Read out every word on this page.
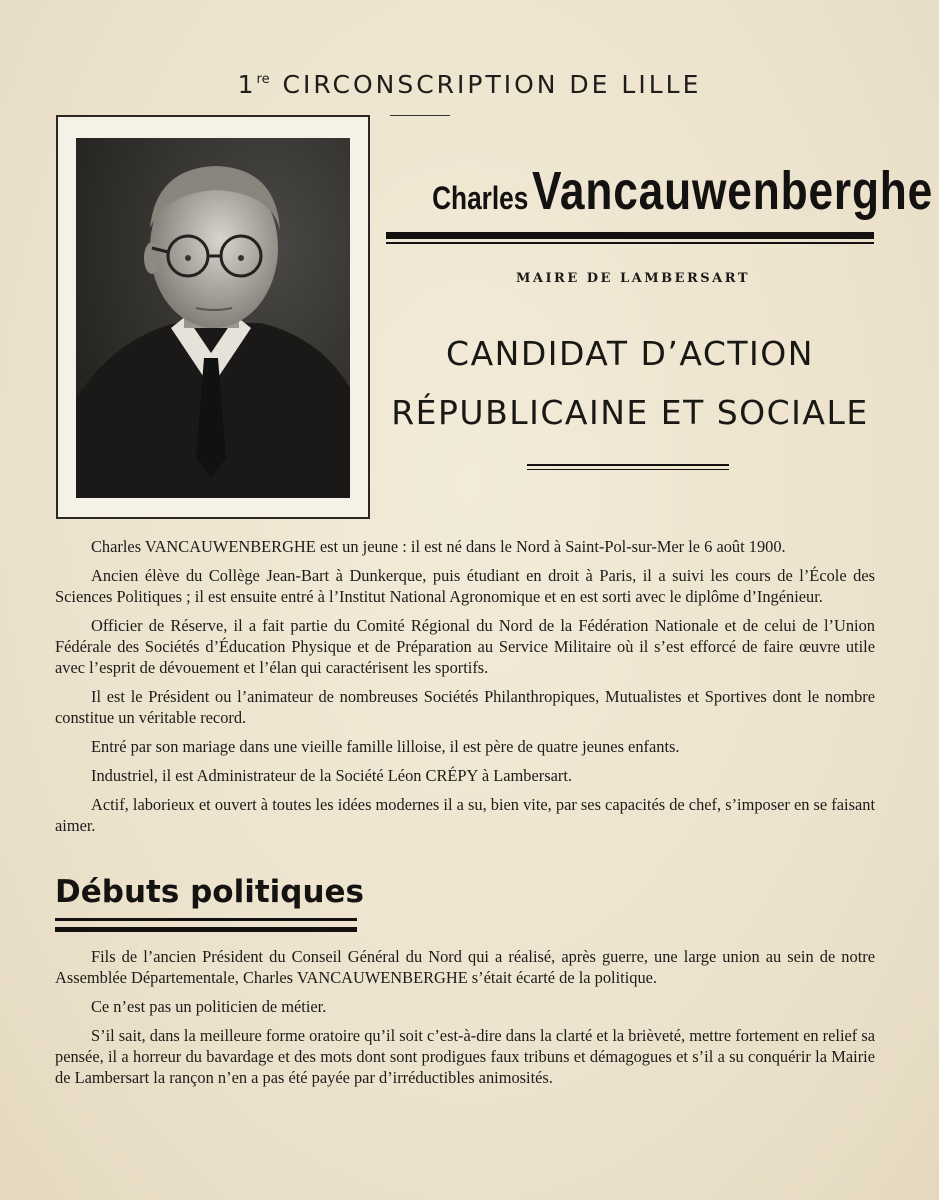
1re CIRCONSCRIPTION DE LILLE
Charles Vancauwenberghe
MAIRE DE LAMBERSART
CANDIDAT D’ACTION
RÉPUBLICAINE ET SOCIALE

Charles VANCAUWENBERGHE est un jeune : il est né dans le Nord à Saint-Pol-sur-Mer le 6 août 1900.

Ancien élève du Collège Jean-Bart à Dunkerque, puis étudiant en droit à Paris, il a suivi les cours de l’École des Sciences Politiques ; il est ensuite entré à l’Institut National Agronomique et en est sorti avec le diplôme d’Ingénieur.

Officier de Réserve, il a fait partie du Comité Régional du Nord de la Fédération Nationale et de celui de l’Union Fédérale des Sociétés d’Éducation Physique et de Préparation au Service Militaire où il s’est efforcé de faire œuvre utile avec l’esprit de dévouement et l’élan qui caractérisent les sportifs.

Il est le Président ou l’animateur de nombreuses Sociétés Philanthropiques, Mutualistes et Sportives dont le nombre constitue un véritable record.

Entré par son mariage dans une vieille famille lilloise, il est père de quatre jeunes enfants.

Industriel, il est Administrateur de la Société Léon CRÉPY à Lambersart.

Actif, laborieux et ouvert à toutes les idées modernes il a su, bien vite, par ses capacités de chef, s’imposer en se faisant aimer.

Débuts politiques

Fils de l’ancien Président du Conseil Général du Nord qui a réalisé, après guerre, une large union au sein de notre Assemblée Départementale, Charles VANCAUWENBERGHE s’était écarté de la politique.

Ce n’est pas un politicien de métier.

S’il sait, dans la meilleure forme oratoire qu’il soit c’est-à-dire dans la clarté et la brièveté, mettre fortement en relief sa pensée, il a horreur du bavardage et des mots dont sont prodigues faux tribuns et démagogues et s’il a su conquérir la Mairie de Lambersart la rançon n’en a pas été payée par d’irréductibles animosités.
